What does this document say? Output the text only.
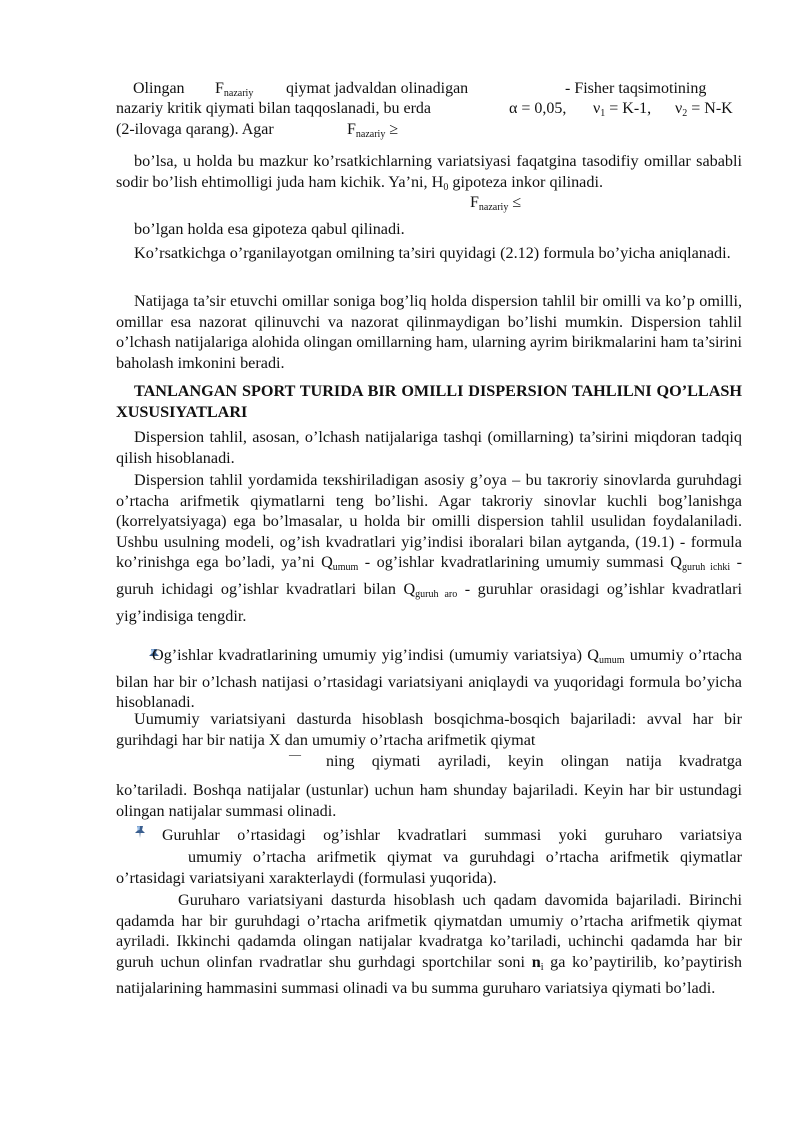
Olingan $F_{nazariy}$ qiymat jadvaldan olinadigan	- Fisher taqsimotining
nazariy kritik qiymati bilan taqqoslanadi, bu erda	α = 0,05, $\nu_1 = K-1$, $\nu_2 = N-K$
(2-ilovaga qarang). Agar	$F_{nazariy}$ ≥

bo’lsa, u holda bu mazkur ko’rsatkichlarning variatsiyasi faqatgina tasodifiy omillar sababli sodir bo’lish ehtimolligi juda ham kichik. Ya’ni, $H_0$ gipoteza inkor qilinadi.

$F_{nazariy}$ ≤

bo’lgan holda esa gipoteza qabul qilinadi.

Ko’rsatkichga o’rganilayotgan omilning ta’siri quyidagi (2.12) formula bo’yicha aniqlanadi.

Natijaga ta’sir etuvchi omillar soniga bog’liq holda dispersion tahlil bir omilli va ko’p omilli, omillar esa nazorat qilinuvchi va nazorat qilinmaydigan bo’lishi mumkin. Dispersion tahlil o’lchash natijalariga alohida olingan omillarning ham, ularning ayrim birikmalarini ham ta’sirini baholash imkonini beradi.

TANLANGAN SPORT TURIDA BIR OMILLI DISPERSION TAHLILNI QO’LLASH XUSUSIYATLARI

Dispersion tahlil, asosan, o’lchash natijalariga tashqi (omillarning) ta’sirini miqdoran tadqiq qilish hisoblanadi.

Dispersion tahlil yordamida teкshiriladigan asosiy g’oya – bu taкroriy sinovlarda guruhdagi o’rtacha arifmetik qiymatlarni teng bo’lishi. Agar takroriy sinovlar kuchli bog’lanishga (korrelyatsiyaga) ega bo’lmasalar, u holda bir omilli dispersion tahlil usulidan foydalaniladi. Ushbu usulning modeli, og’ish kvadratlari yig’indisi iboralari bilan aytganda, (19.1) - formula ko’rinishga ega bo’ladi, ya’ni $Q_{umum}$ - og’ishlar kvadratlarining umumiy summasi $Q_{guruh ichki}$ - guruh ichidagi og’ishlar kvadratlari bilan $Q_{guruh aro}$ - guruhlar orasidagi og’ishlar kvadratlari yig’indisiga tengdir.

Og’ishlar kvadratlarining umumiy yig’indisi (umumiy variatsiya) $Q_{umum}$ umumiy o’rtacha bilan har bir o’lchash natijasi o’rtasidagi variatsiyani aniqlaydi va yuqoridagi formula bo’yicha hisoblanadi.

Uumumiy variatsiyani dasturda hisoblash bosqichma-bosqich bajariladi: avval har bir gurihdagi har bir natija X dan umumiy o’rtacha arifmetik qiymat

— ning qiymati ayriladi, keyin olingan natija kvadratga

ko’tariladi. Boshqa natijalar (ustunlar) uchun ham shunday bajariladi. Keyin har bir ustundagi olingan natijalar summasi olinadi.

Guruhlar o’rtasidagi og’ishlar kvadratlari summasi yoki guruharo variatsiya

umumiy o’rtacha arifmetik qiymat va guruhdagi o’rtacha arifmetik qiymatlar o’rtasidagi variatsiyani xarakterlaydi (formulasi yuqorida).

Guruharo variatsiyani dasturda hisoblash uch qadam davomida bajariladi. Birinchi qadamda har bir guruhdagi o’rtacha arifmetik qiymatdan umumiy o’rtacha arifmetik qiymat ayriladi. Ikkinchi qadamda olingan natijalar kvadratga ko’tariladi, uchinchi qadamda har bir guruh uchun olinfan rvadratlar shu gurhdagi sportchilar soni $n_i$ ga ko’paytirilib, ko’paytirish natijalarining hammasini summasi olinadi va bu summa guruharo variatsiya qiymati bo’ladi.
